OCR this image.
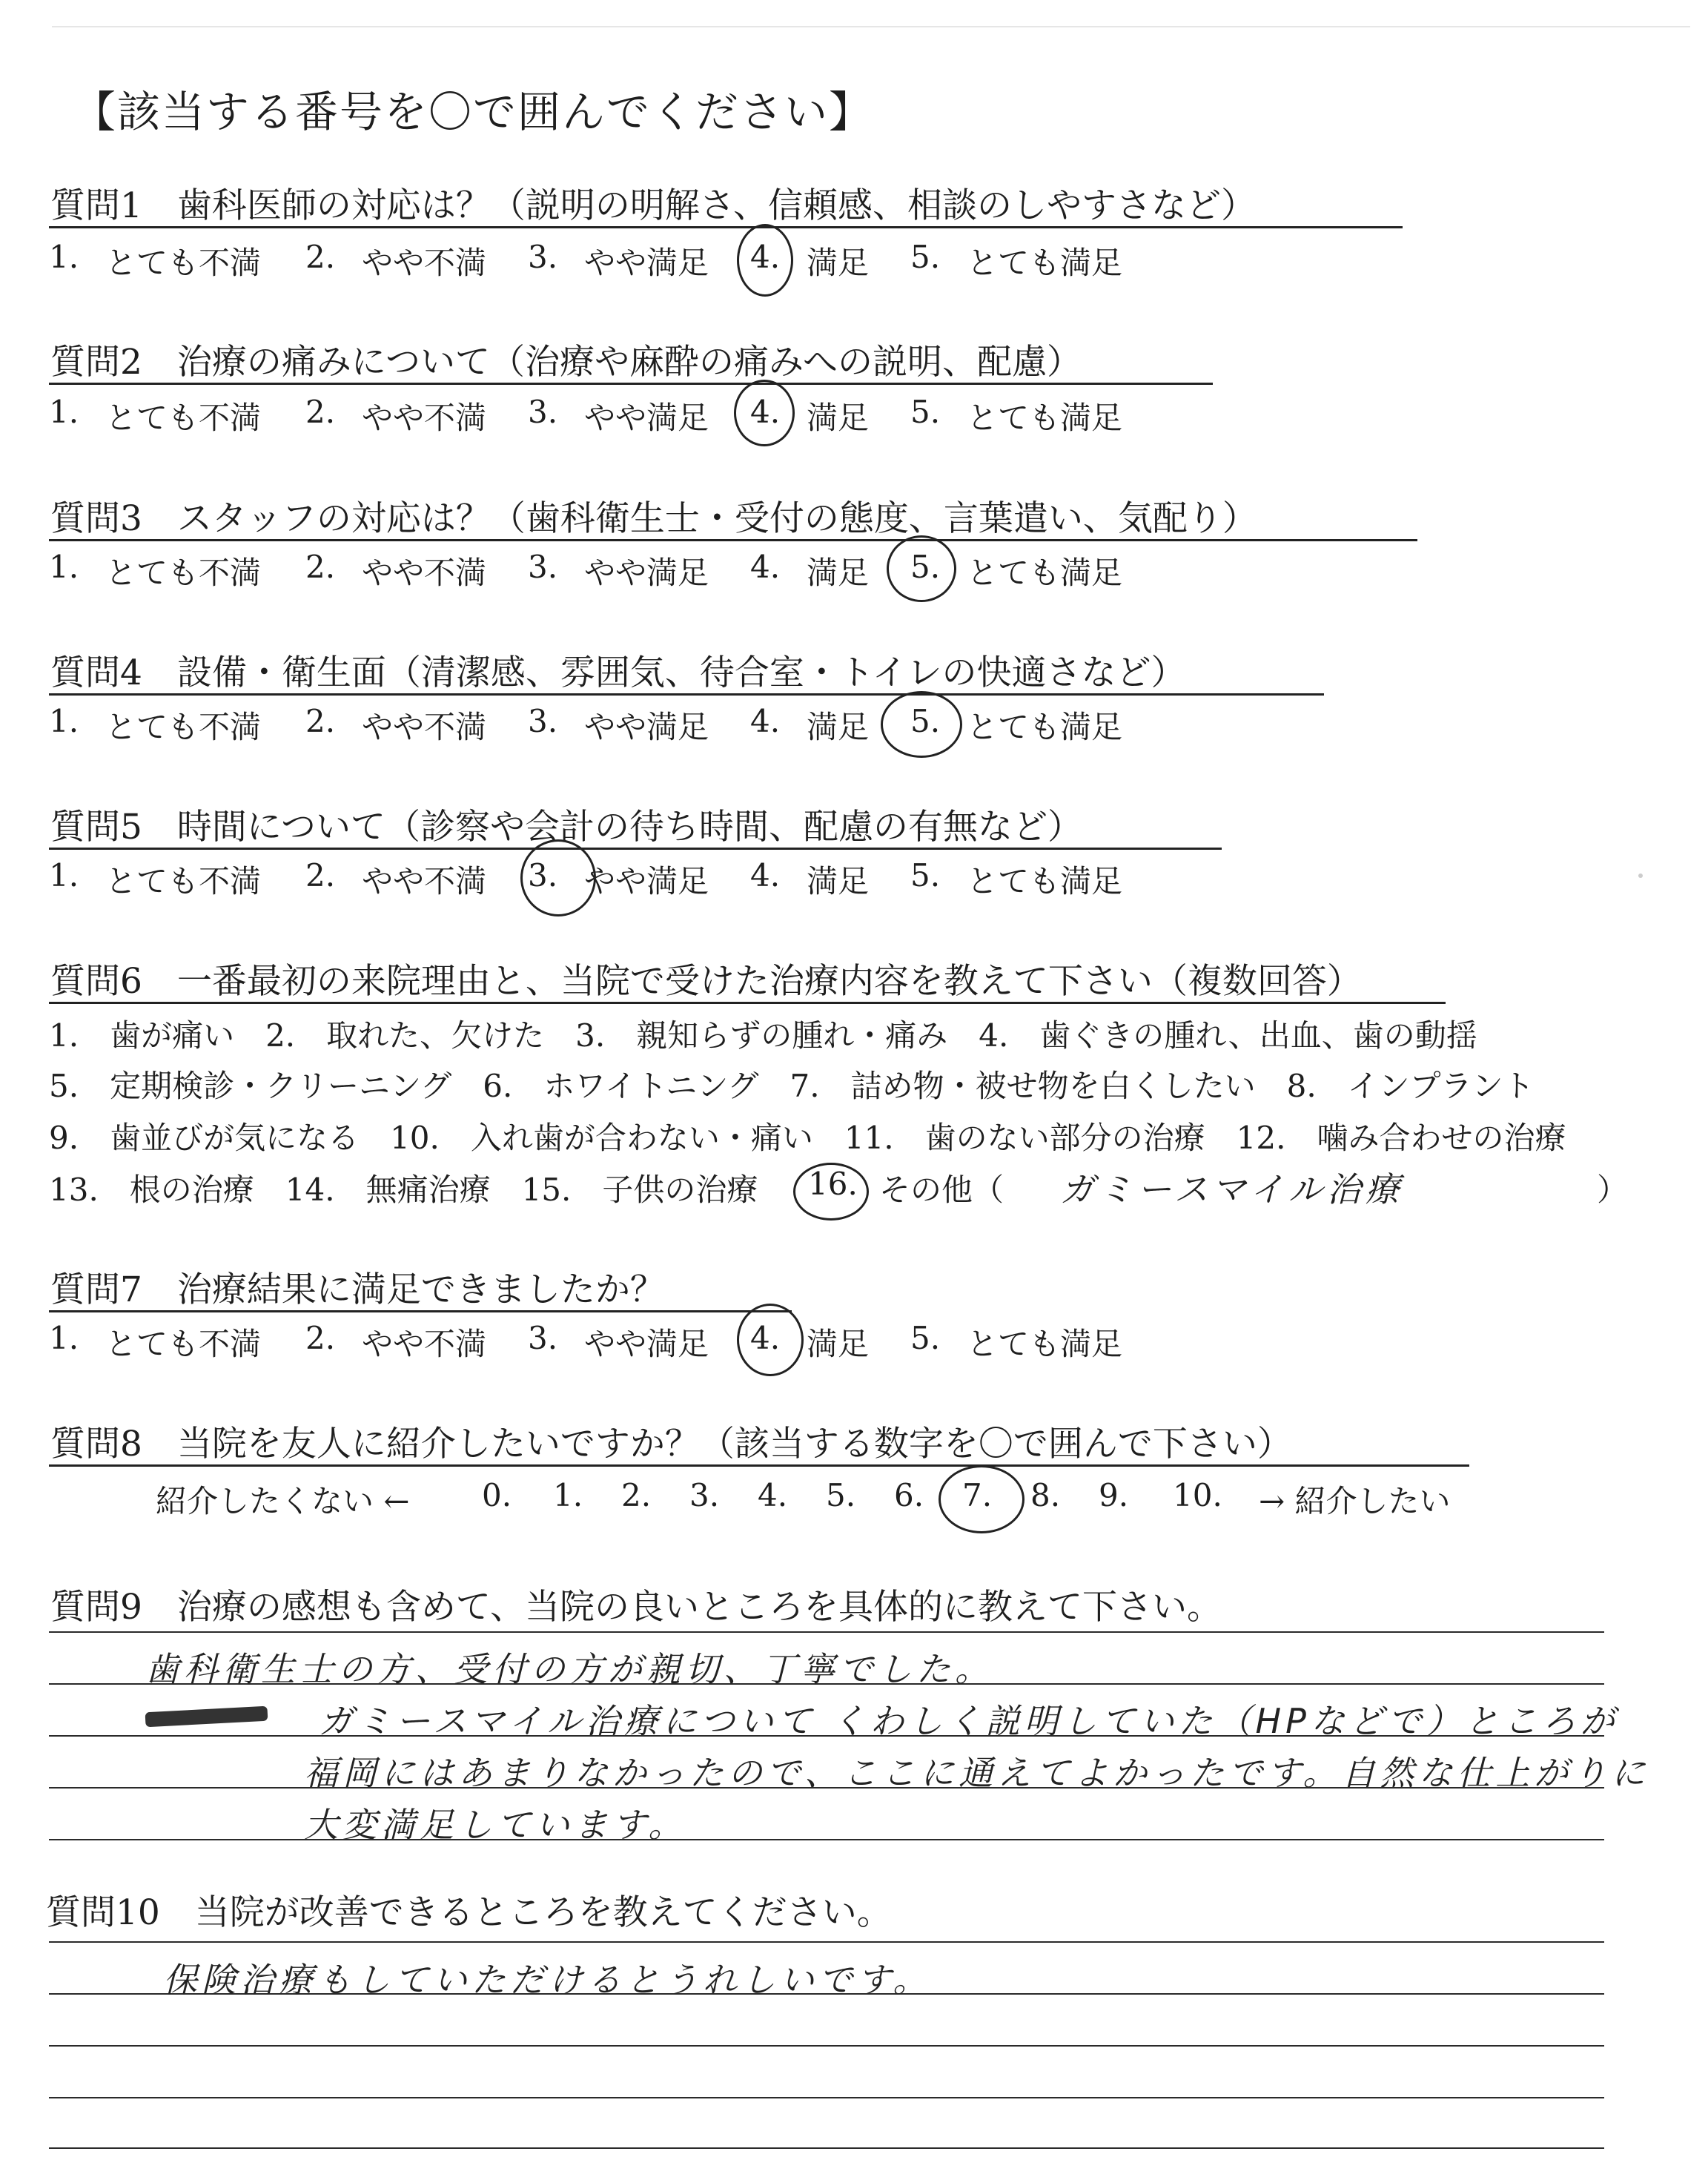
【該当する番号を〇で囲んでください】
質問1　歯科医師の対応は？（説明の明解さ、信頼感、相談のしやすさなど）
1. とても不満 2. やや不満 3. やや満足 4. 満足 5. とても満足
質問2　治療の痛みについて（治療や麻酔の痛みへの説明、配慮）
1. とても不満 2. やや不満 3. やや満足 4. 満足 5. とても満足
質問3　スタッフの対応は？（歯科衛生士・受付の態度、言葉遣い、気配り）
1. とても不満 2. やや不満 3. やや満足 4. 満足 5. とても満足
質問4　設備・衛生面（清潔感、雰囲気、待合室・トイレの快適さなど）
1. とても不満 2. やや不満 3. やや満足 4. 満足 5. とても満足
質問5　時間について（診察や会計の待ち時間、配慮の有無など）
1. とても不満 2. やや不満 3. やや満足 4. 満足 5. とても満足
質問6　一番最初の来院理由と、当院で受けた治療内容を教えて下さい（複数回答）
1.　歯が痛い　2.　取れた、欠けた　3.　親知らずの腫れ・痛み　4.　歯ぐきの腫れ、出血、歯の動揺
5.　定期検診・クリーニング　6.　ホワイトニング　7.　詰め物・被せ物を白くしたい　8.　インプラント
9.　歯並びが気になる　10.　入れ歯が合わない・痛い　11.　歯のない部分の治療　12.　噛み合わせの治療
13.　根の治療　14.　無痛治療　15.　子供の治療 16. その他（ ガミースマイル治療	）
質問7　治療結果に満足できましたか？
1. とても不満 2. やや不満 3. やや満足 4. 満足 5. とても満足
質問8　当院を友人に紹介したいですか？（該当する数字を〇で囲んで下さい）
紹介したくない ← 0. 1. 2. 3. 4. 5. 6. 7. 8. 9. 10. → 紹介したい
質問9　治療の感想も含めて、当院の良いところを具体的に教えて下さい。
歯科衛生士の方、受付の方が親切、丁寧でした。
ガミースマイル治療について くわしく説明していた（HPなどで）ところが
福岡にはあまりなかったので、ここに通えてよかったです。自然な仕上がりに
大変満足しています。
質問10　当院が改善できるところを教えてください。
保険治療もしていただけるとうれしいです。
